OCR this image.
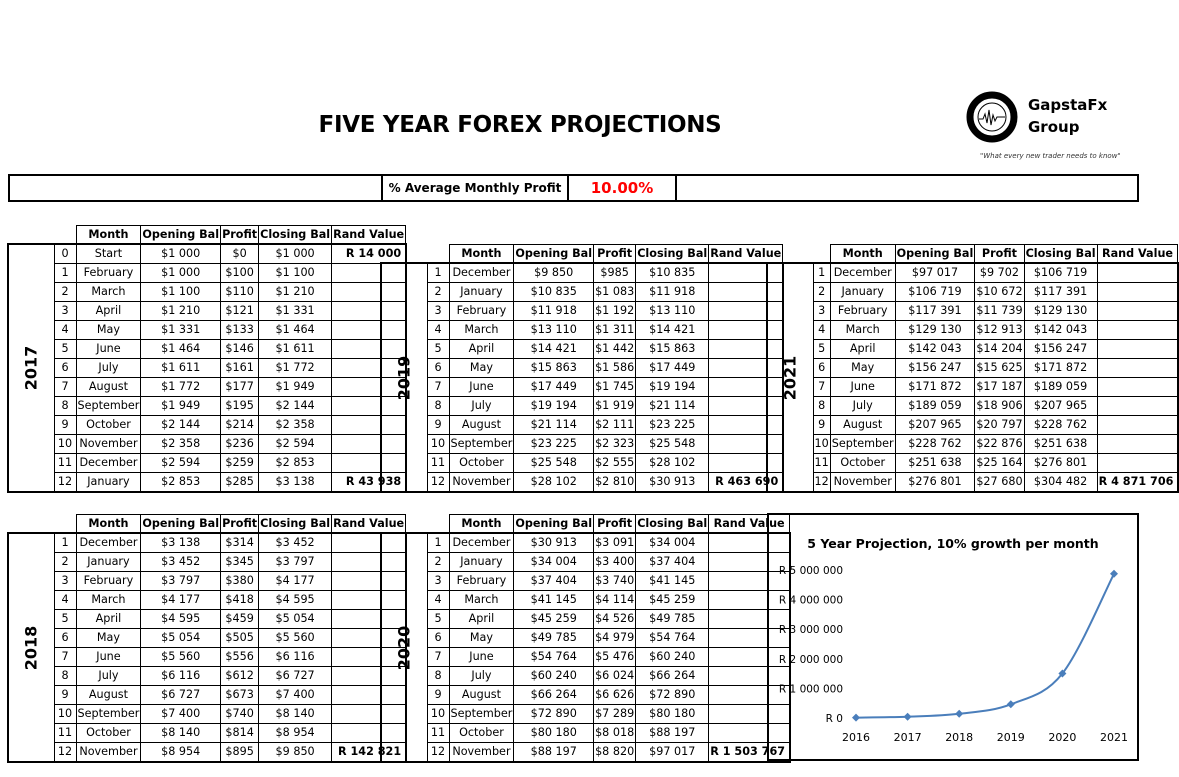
FIVE YEAR FOREX PROJECTIONS
GapstaFx
Group
"What every new trader needs to know"
% Average Monthly Profit	10.00%
		Month	Opening Bal	Profit	Closing Bal	Rand Value
2017	0	Start	$1 000	$0	$1 000	R 14 000
	1	February	$1 000	$100	$1 100	
	2	March	$1 100	$110	$1 210	
	3	April	$1 210	$121	$1 331	
	4	May	$1 331	$133	$1 464	
	5	June	$1 464	$146	$1 611	
	6	July	$1 611	$161	$1 772	
	7	August	$1 772	$177	$1 949	
	8	September	$1 949	$195	$2 144	
	9	October	$2 144	$214	$2 358	
	10	November	$2 358	$236	$2 594	
	11	December	$2 594	$259	$2 853	
	12	January	$2 853	$285	$3 138	R 43 938
		Month	Opening Bal	Profit	Closing Bal	Rand Value
2018	1	December	$3 138	$314	$3 452	
	2	January	$3 452	$345	$3 797	
	3	February	$3 797	$380	$4 177	
	4	March	$4 177	$418	$4 595	
	5	April	$4 595	$459	$5 054	
	6	May	$5 054	$505	$5 560	
	7	June	$5 560	$556	$6 116	
	8	July	$6 116	$612	$6 727	
	9	August	$6 727	$673	$7 400	
	10	September	$7 400	$740	$8 140	
	11	October	$8 140	$814	$8 954	
	12	November	$8 954	$895	$9 850	R 142 821
		Month	Opening Bal	Profit	Closing Bal	Rand Value
2019	1	December	$9 850	$985	$10 835	
	2	January	$10 835	$1 083	$11 918	
	3	February	$11 918	$1 192	$13 110	
	4	March	$13 110	$1 311	$14 421	
	5	April	$14 421	$1 442	$15 863	
	6	May	$15 863	$1 586	$17 449	
	7	June	$17 449	$1 745	$19 194	
	8	July	$19 194	$1 919	$21 114	
	9	August	$21 114	$2 111	$23 225	
	10	September	$23 225	$2 323	$25 548	
	11	October	$25 548	$2 555	$28 102	
	12	November	$28 102	$2 810	$30 913	R 463 690
		Month	Opening Bal	Profit	Closing Bal	Rand Value
2020	1	December	$30 913	$3 091	$34 004	
	2	January	$34 004	$3 400	$37 404	
	3	February	$37 404	$3 740	$41 145	
	4	March	$41 145	$4 114	$45 259	
	5	April	$45 259	$4 526	$49 785	
	6	May	$49 785	$4 979	$54 764	
	7	June	$54 764	$5 476	$60 240	
	8	July	$60 240	$6 024	$66 264	
	9	August	$66 264	$6 626	$72 890	
	10	September	$72 890	$7 289	$80 180	
	11	October	$80 180	$8 018	$88 197	
	12	November	$88 197	$8 820	$97 017	R 1 503 767
		Month	Opening Bal	Profit	Closing Bal	Rand Value
2021	1	December	$97 017	$9 702	$106 719	
	2	January	$106 719	$10 672	$117 391	
	3	February	$117 391	$11 739	$129 130	
	4	March	$129 130	$12 913	$142 043	
	5	April	$142 043	$14 204	$156 247	
	6	May	$156 247	$15 625	$171 872	
	7	June	$171 872	$17 187	$189 059	
	8	July	$189 059	$18 906	$207 965	
	9	August	$207 965	$20 797	$228 762	
	10	September	$228 762	$22 876	$251 638	
	11	October	$251 638	$25 164	$276 801	
	12	November	$276 801	$27 680	$304 482	R 4 871 706
5 Year Projection, 10% growth per month
R 0
R 1 000 000
R 2 000 000
R 3 000 000
R 4 000 000
R 5 000 000
2016 2017 2018 2019 2020 2021
